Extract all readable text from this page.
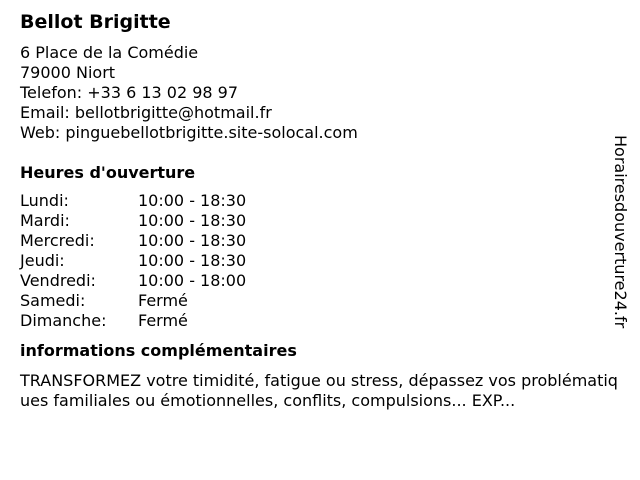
Bellot Brigitte
6 Place de la Comédie
79000 Niort
Telefon: +33 6 13 02 98 97
Email: bellotbrigitte@hotmail.fr
Web: pinguebellotbrigitte.site-solocal.com
Heures d'ouverture
Lundi:	10:00 - 18:30
Mardi:	10:00 - 18:30
Mercredi:	10:00 - 18:30
Jeudi:	10:00 - 18:30
Vendredi:	10:00 - 18:00
Samedi:	Fermé
Dimanche:	Fermé
informations complémentaires
TRANSFORMEZ votre timidité, fatigue ou stress, dépassez vos problématiques familiales ou émotionnelles, conflits, compulsions... EXP...
Horairesdouverture24.fr
